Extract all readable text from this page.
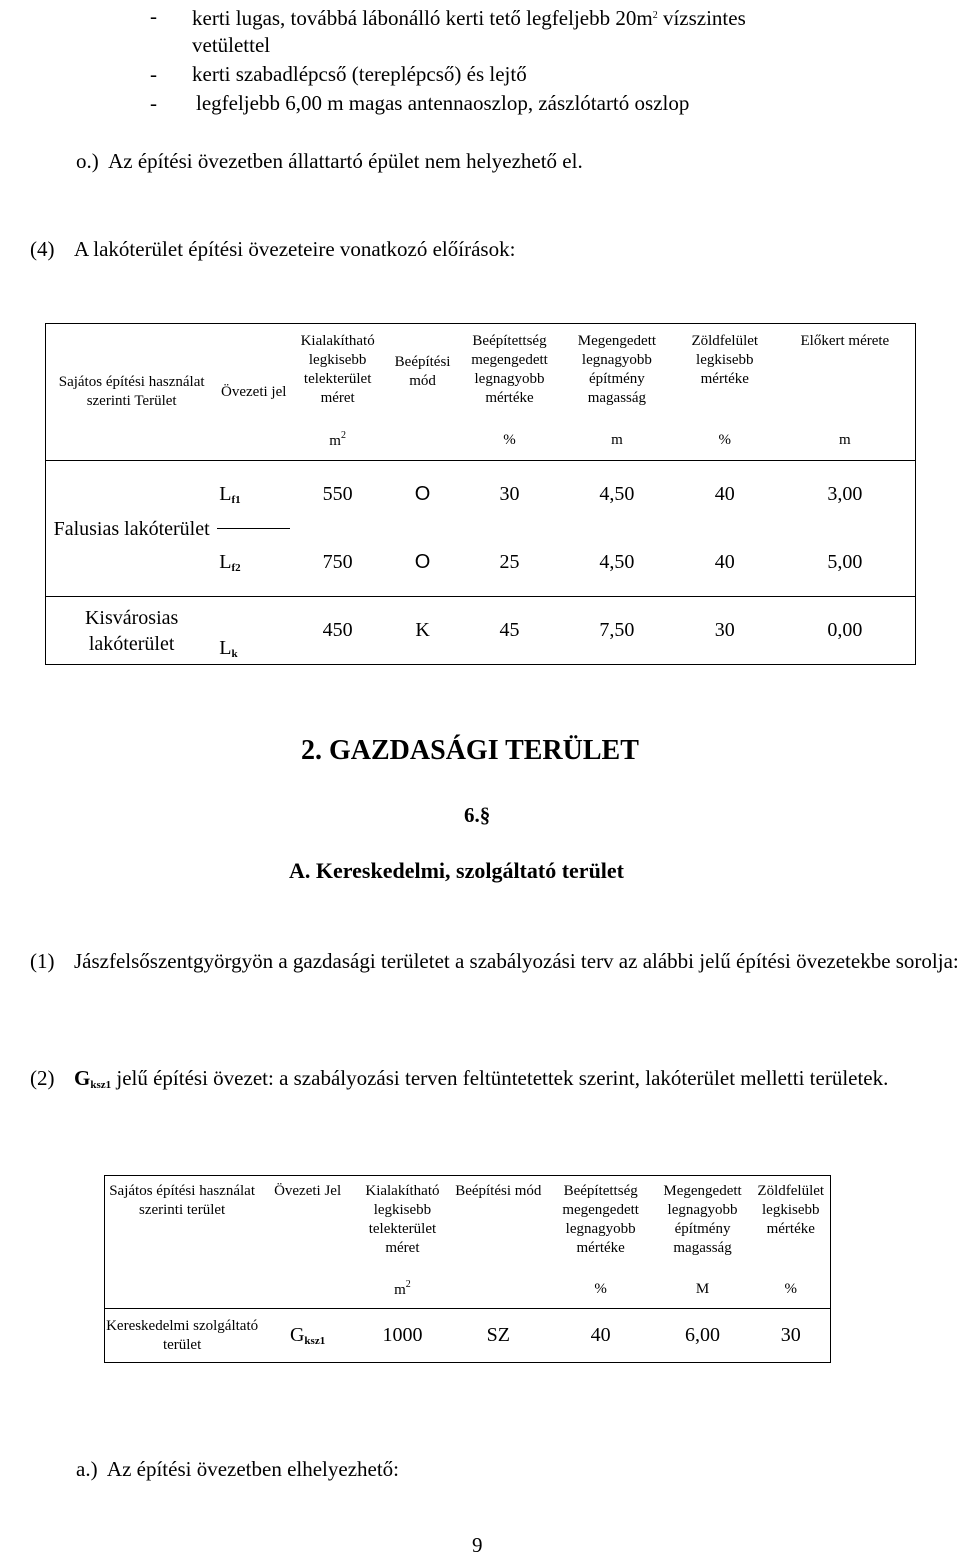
- kerti lugas, továbbá lábonálló kerti tető legfeljebb $20m^2$ vízszintes
vetülettel
- kerti szabadlépcső (tereplépcső) és lejtő
- legfeljebb 6,00 m magas antennaoszlop, zászlótartó oszlop
o.)  Az építési övezetben állattartó épület nem helyezhető el.
(4) A lakóterület építési övezeteire vonatkozó előírások:
Sajátos építési használat szerinti Terület	Övezeti jel	Kialakítható legkisebb telekterület méret	Beépítési mód	Beépítettség megengedett legnagyobb mértéke	Megengedett legnagyobb építmény magasság	Zöldfelület legkisebb mértéke	Előkert mérete
		$m^2$		%	m	%	m
Falusias lakóterület	$L_{f1}$	550	O	30	4,50	40	3,00
	$L_{f2}$	750	O	25	4,50	40	5,00
Kisvárosias lakóterület	$L_k$	450	K	45	7,50	30	0,00
2. GAZDASÁGI TERÜLET
6.§
A. Kereskedelmi, szolgáltató terület
(1) Jászfelsőszentgyörgyön a gazdasági területet a szabályozási terv az alábbi jelű építési övezetekbe sorolja:
(2) $G_{ksz1}$ jelű építési övezet: a szabályozási terven feltüntetettek szerint, lakóterület melletti területek.
Sajátos építési használat szerinti terület	Övezeti Jel	Kialakítható legkisebb telekterület méret	Beépítési mód	Beépítettség megengedett legnagyobb mértéke	Megengedett legnagyobb építmény magasság	Zöldfelület legkisebb mértéke
		$m^2$		%	M	%
Kereskedelmi szolgáltató terület	$G_{ksz1}$	1000	SZ	40	6,00	30
a.)  Az építési övezetben elhelyezhető:
9
